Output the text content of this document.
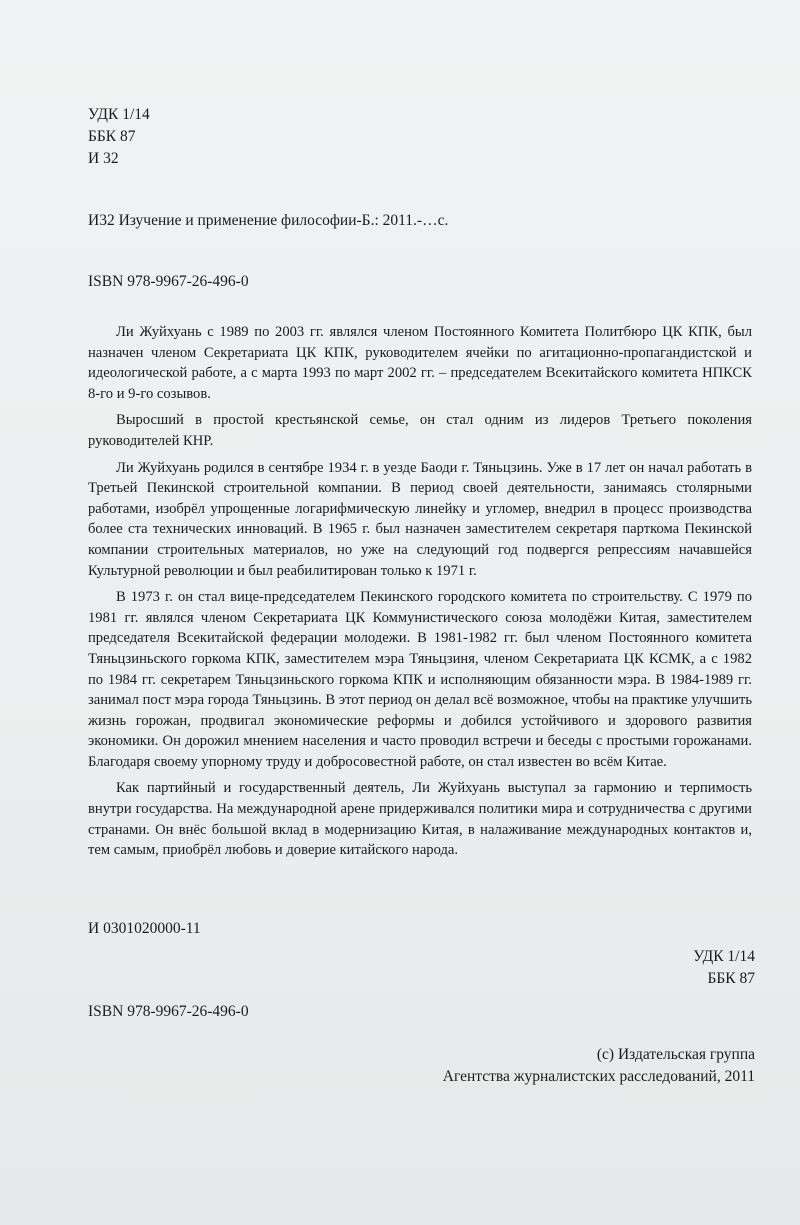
УДК 1/14
ББК 87
И 32
И32 Изучение и применение философии-Б.: 2011.-…с.
ISBN 978-9967-26-496-0

Ли Жуйхуань с 1989 по 2003 гг. являлся членом Постоянного Комитета Политбюро ЦК КПК, был назначен членом Секретариата ЦК КПК, руководителем ячейки по агитационно-пропагандистской и идеологической работе, а с марта 1993 по март 2002 гг. – председателем Всекитайского комитета НПКСК 8-го и 9-го созывов.

Выросший в простой крестьянской семье, он стал одним из лидеров Третьего поколения руководителей КНР.

Ли Жуйхуань родился в сентябре 1934 г. в уезде Баоди г. Тяньцзинь. Уже в 17 лет он начал работать в Третьей Пекинской строительной компании. В период своей деятельности, занимаясь столярными работами, изобрёл упрощенные логарифмическую линейку и угломер, внедрил в процесс производства более ста технических инноваций. В 1965 г. был назначен заместителем секретаря парткома Пекинской компании строительных материалов, но уже на следующий год подвергся репрессиям начавшейся Культурной революции и был реабилитирован только к 1971 г.

В 1973 г. он стал вице-председателем Пекинского городского комитета по строительству. С 1979 по 1981 гг. являлся членом Секретариата ЦК Коммунистического союза молодёжи Китая, заместителем председателя Всекитайской федерации молодежи. В 1981-1982 гг. был членом Постоянного комитета Тяньцзиньского горкома КПК, заместителем мэра Тяньцзиня, членом Секретариата ЦК КСМК, а с 1982 по 1984 гг. секретарем Тяньцзиньского горкома КПК и исполняющим обязанности мэра. В 1984-1989 гг. занимал пост мэра города Тяньцзинь. В этот период он делал всё возможное, чтобы на практике улучшить жизнь горожан, продвигал экономические реформы и добился устойчивого и здорового развития экономики. Он дорожил мнением населения и часто проводил встречи и беседы с простыми горожанами. Благодаря своему упорному труду и добросовестной работе, он стал известен во всём Китае.

Как партийный и государственный деятель, Ли Жуйхуань выступал за гармонию и терпимость внутри государства. На международной арене придерживался политики мира и сотрудничества с другими странами. Он внёс большой вклад в модернизацию Китая, в налаживание международных контактов и, тем самым, приобрёл любовь и доверие китайского народа.

И 0301020000-11
УДК 1/14
ББК 87
ISBN 978-9967-26-496-0
(с) Издательская группа
Агентства журналистских расследований, 2011
